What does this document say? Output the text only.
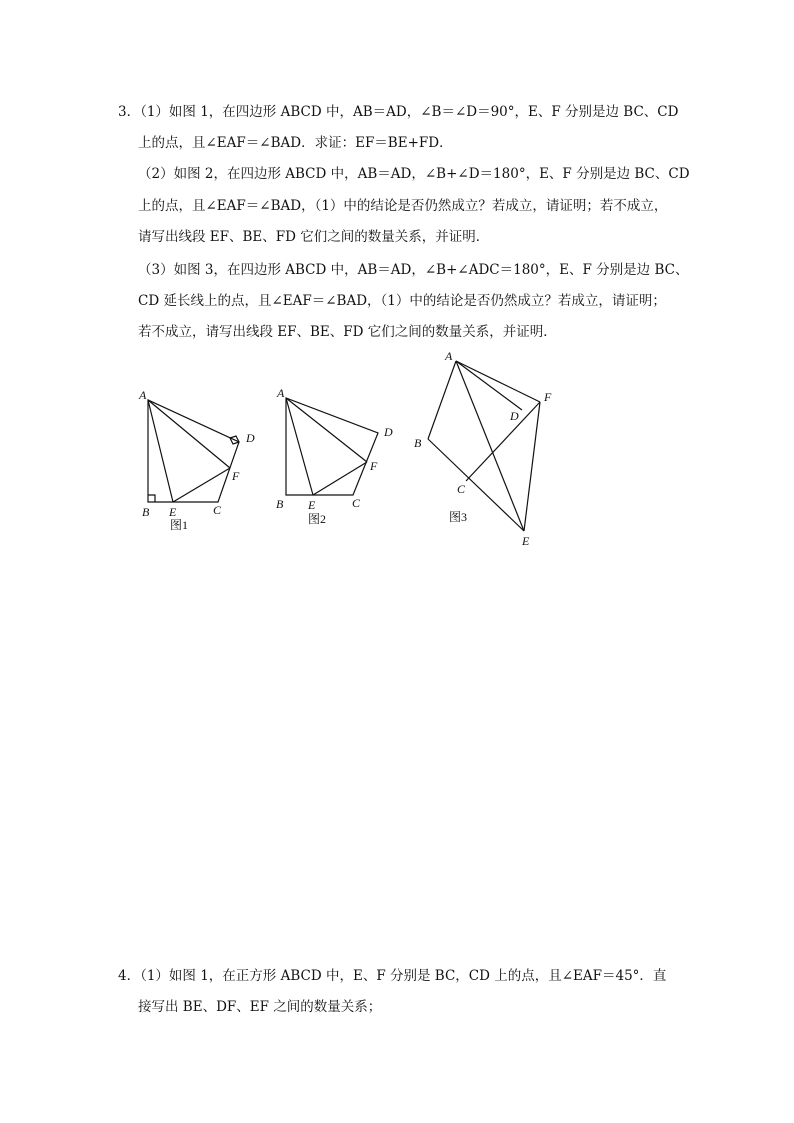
3．（1）如图 1，在四边形 ABCD 中，AB＝AD，∠B＝∠D＝90°，E、F 分别是边 BC、CD
上的点，且∠EAF＝∠BAD．求证：EF＝BE+FD．
（2）如图 2，在四边形 ABCD 中，AB＝AD，∠B+∠D＝180°，E、F 分别是边 BC、CD
上的点，且∠EAF＝∠BAD，（1）中的结论是否仍然成立？若成立，请证明；若不成立，
请写出线段 EF、BE、FD 它们之间的数量关系，并证明．
（3）如图 3，在四边形 ABCD 中，AB＝AD，∠B+∠ADC＝180°，E、F 分别是边 BC、
CD 延长线上的点，且∠EAF＝∠BAD，（1）中的结论是否仍然成立？若成立，请证明；
若不成立，请写出线段 EF、BE、FD 它们之间的数量关系，并证明．
A
B E	C
D
F
图1
A
B E	C
D
F
图2
A
B
C
D
F
E
图3
4．（1）如图 1，在正方形 ABCD 中，E、F 分别是 BC，CD 上的点，且∠EAF＝45°．直
接写出 BE、DF、EF 之间的数量关系；
